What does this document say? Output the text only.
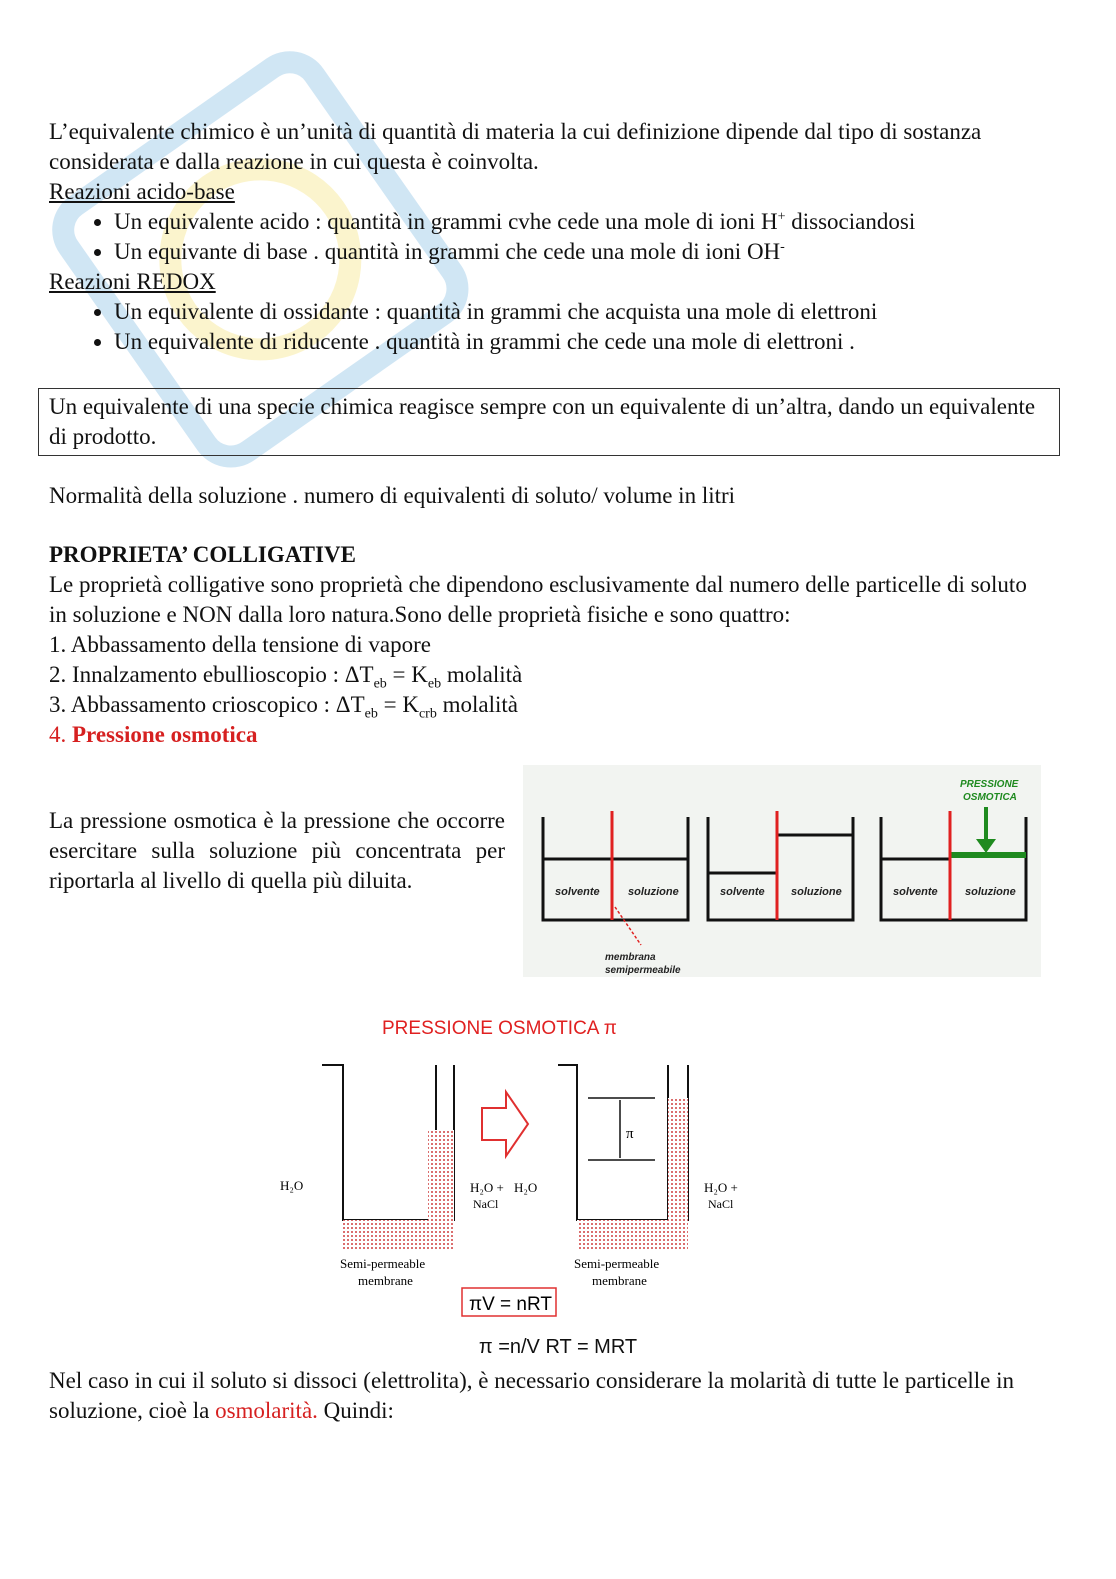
L’equivalente chimico è un’unità di quantità di materia la cui definizione dipende dal tipo di sostanza considerata e dalla reazione in cui questa è coinvolta.

Reazioni acido-base

• Un equivalente acido : quantità in grammi cvhe cede una mole di ioni H+ dissociandosi
• Un equivante di base . quantità in grammi che cede una mole di ioni OH-

Reazioni REDOX

• Un equivalente di ossidante : quantità in grammi che acquista una mole di elettroni
• Un equivalente di riducente . quantità in grammi che cede una mole di elettroni .
Un equivalente di una specie chimica reagisce sempre con un equivalente di un’altra, dando un equivalente di prodotto.

Normalità della soluzione . numero di equivalenti di soluto/ volume in litri

PROPRIETA’ COLLIGATIVE

Le proprietà colligative sono proprietà che dipendono esclusivamente dal numero delle particelle di soluto in soluzione e NON dalla loro natura.Sono delle proprietà fisiche e sono quattro:

1. Abbassamento della tensione di vapore

2. Innalzamento ebullioscopio : $\Delta T_{eb} = K_{eb}$ molalità

3. Abbassamento crioscopico : $\Delta T_{eb} = K_{crb}$ molalità

4. Pressione osmotica

La pressione osmotica è la pressione che occorre esercitare sulla soluzione più concentrata per riportarla al livello di quella più diluita.	solvente	soluzione	solvente soluzione	solvente soluzione
PRESSIONE
OSMOTICA
membrana
semipermeabile
PRESSIONE OSMOTICA π
H₂O	H₂O + H₂O
NaCl
Semi-permeable
membrane
π
H₂O +
NaCl
Semi-permeable
membrane
πV = nRT
π =n/V RT = MRT

Nel caso in cui il soluto si dissoci (elettrolita), è necessario considerare la molarità di tutte le particelle in soluzione, cioè la osmolarità. Quindi:
